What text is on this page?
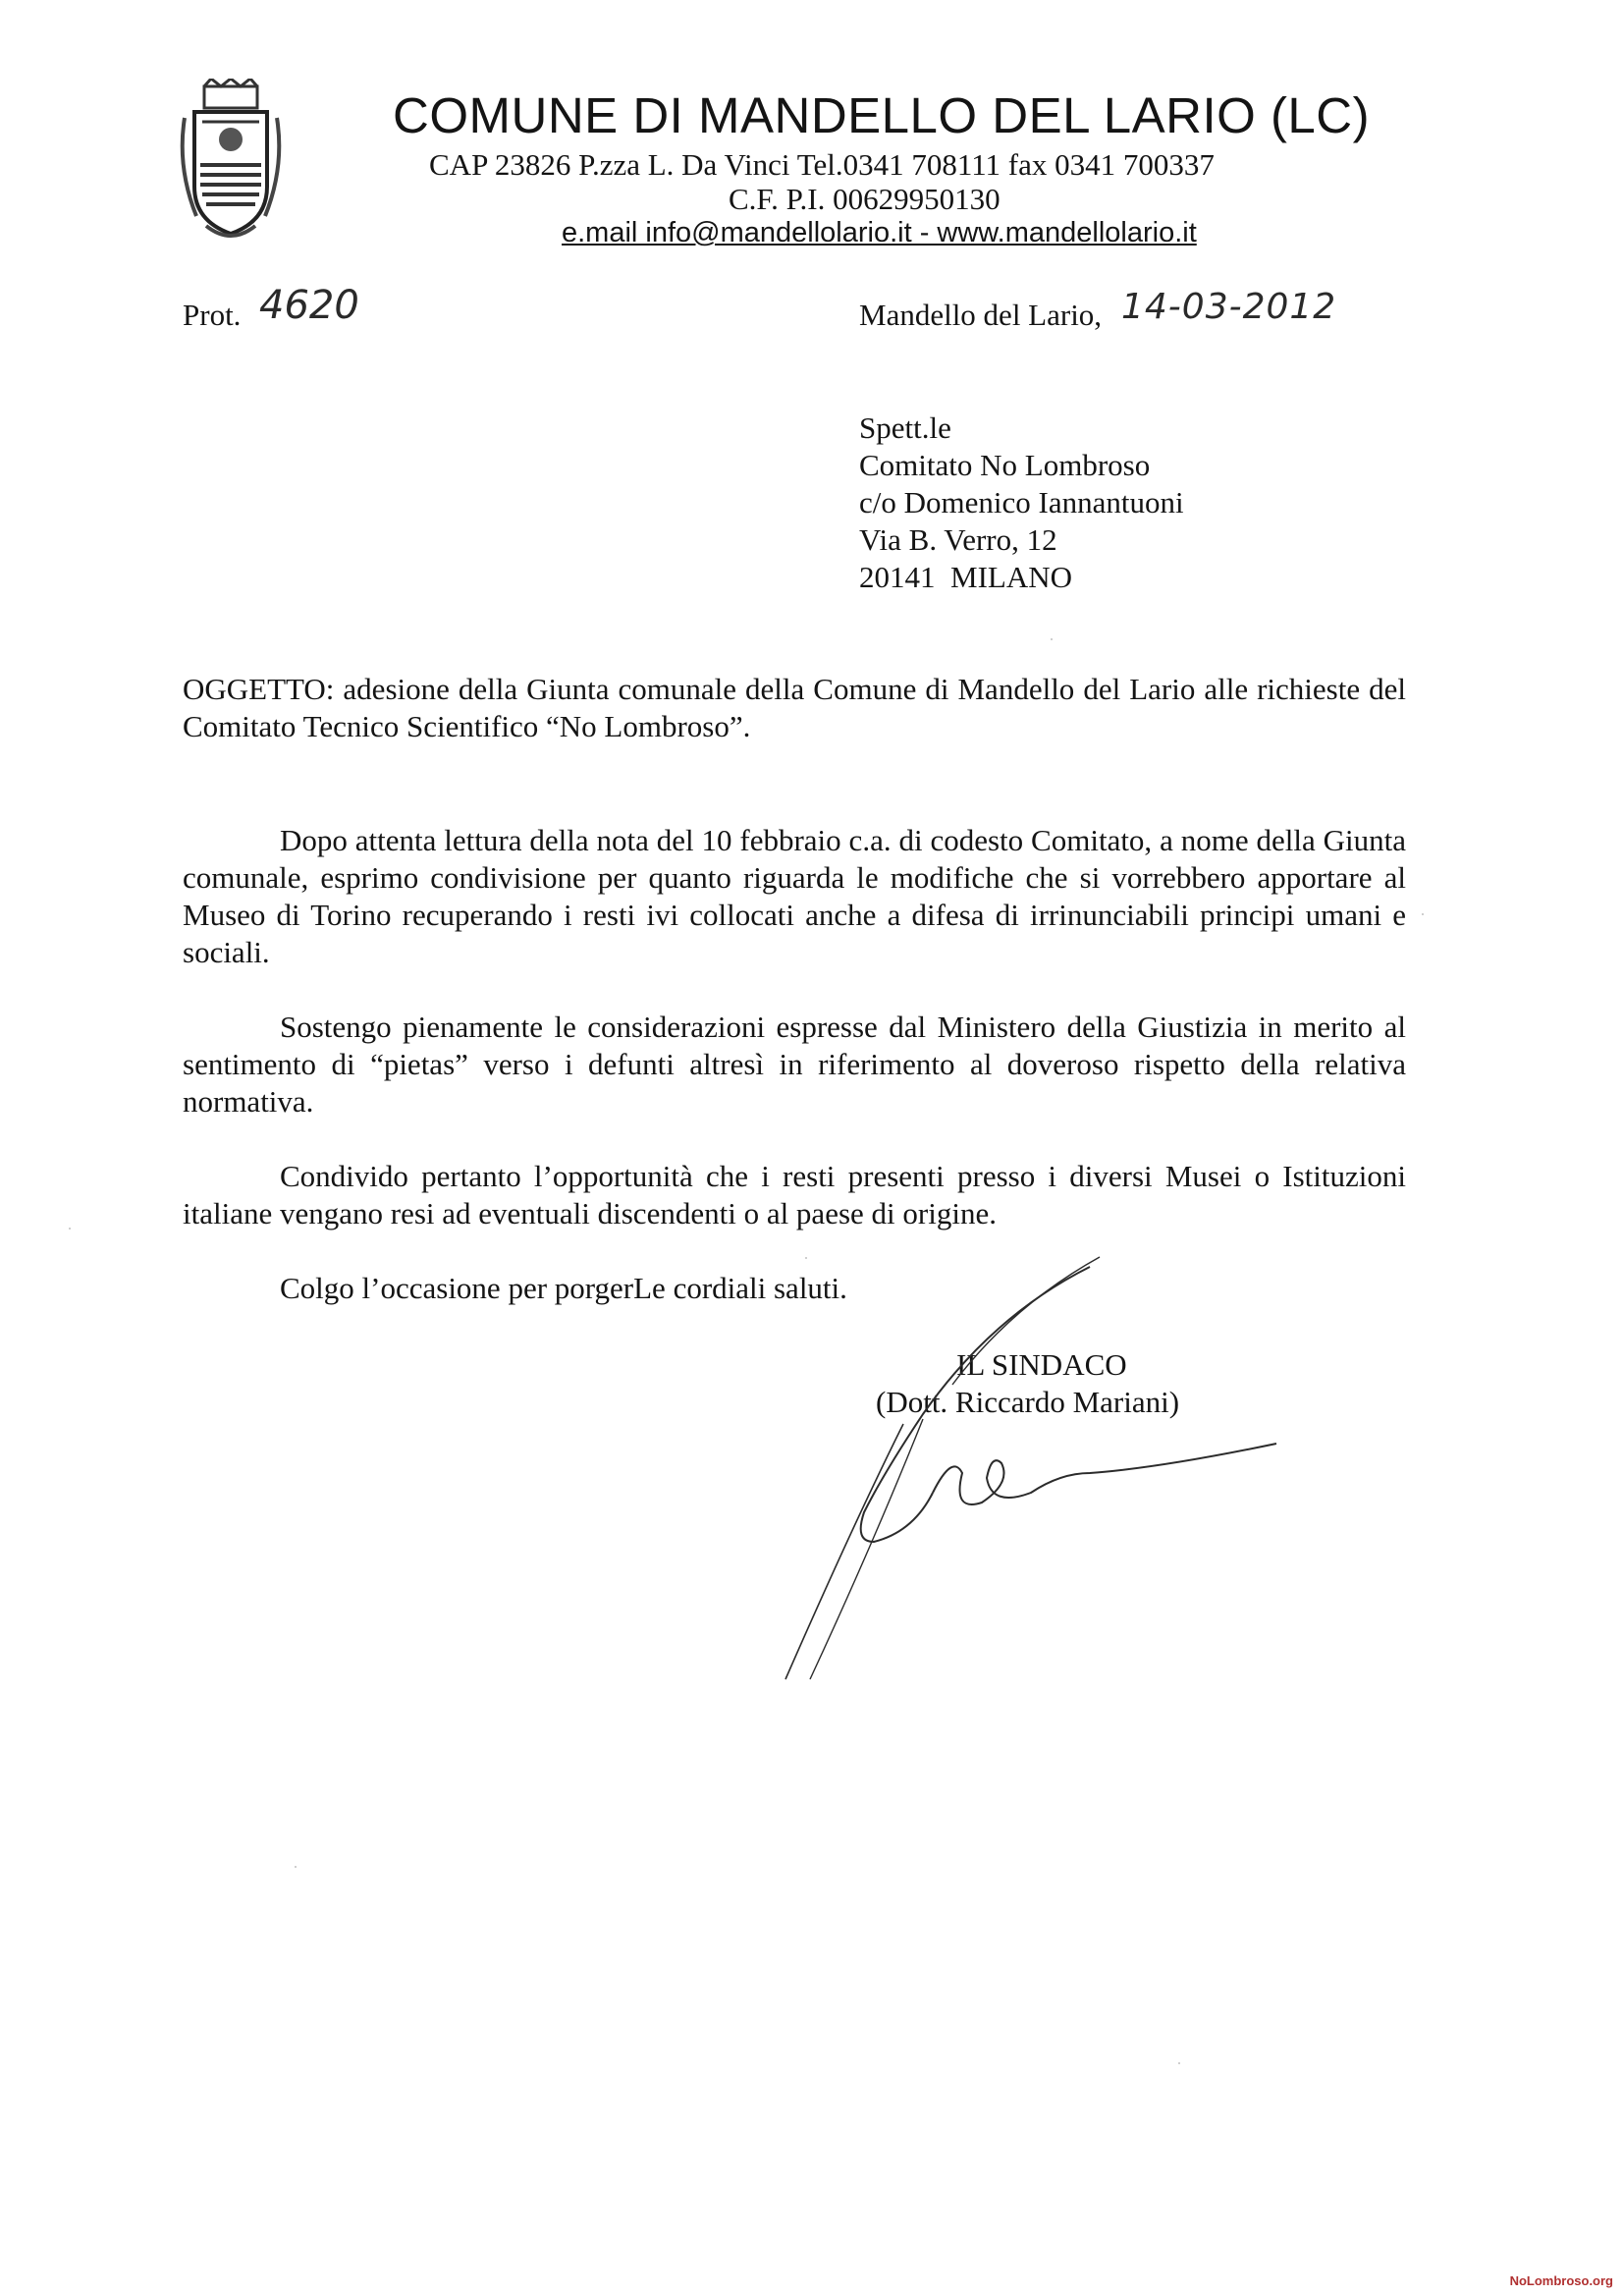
COMUNE DI MANDELLO DEL LARIO (LC)
CAP 23826 P.zza L. Da Vinci Tel.0341 708111 fax 0341 700337
C.F. P.I. 00629950130
e.mail info@mandellolario.it - www.mandellolario.it
Prot. 4620	Mandello del Lario, 14-03-2012
Spett.le
Comitato No Lombroso
c/o Domenico Iannantuoni
Via B. Verro, 12
20141  MILANO
OGGETTO: adesione della Giunta comunale della Comune di Mandello del Lario alle richieste del Comitato Tecnico Scientifico “No Lombroso”.
Dopo attenta lettura della nota del 10 febbraio c.a. di codesto Comitato, a nome della Giunta comunale, esprimo condivisione per quanto riguarda le modifiche che si vorrebbero apportare al Museo di Torino recuperando i resti ivi collocati anche a difesa di irrinunciabili principi umani e sociali.
Sostengo pienamente le considerazioni espresse dal Ministero della Giustizia in merito al sentimento di “pietas” verso i defunti altresì in riferimento al doveroso rispetto della relativa normativa.
Condivido pertanto l’opportunità che i resti presenti presso i diversi Musei o Istituzioni italiane vengano resi ad eventuali discendenti o al paese di origine.
Colgo l’occasione per porgerLe cordiali saluti.
IL SINDACO
(Dott. Riccardo Mariani)
NoLombroso.org
